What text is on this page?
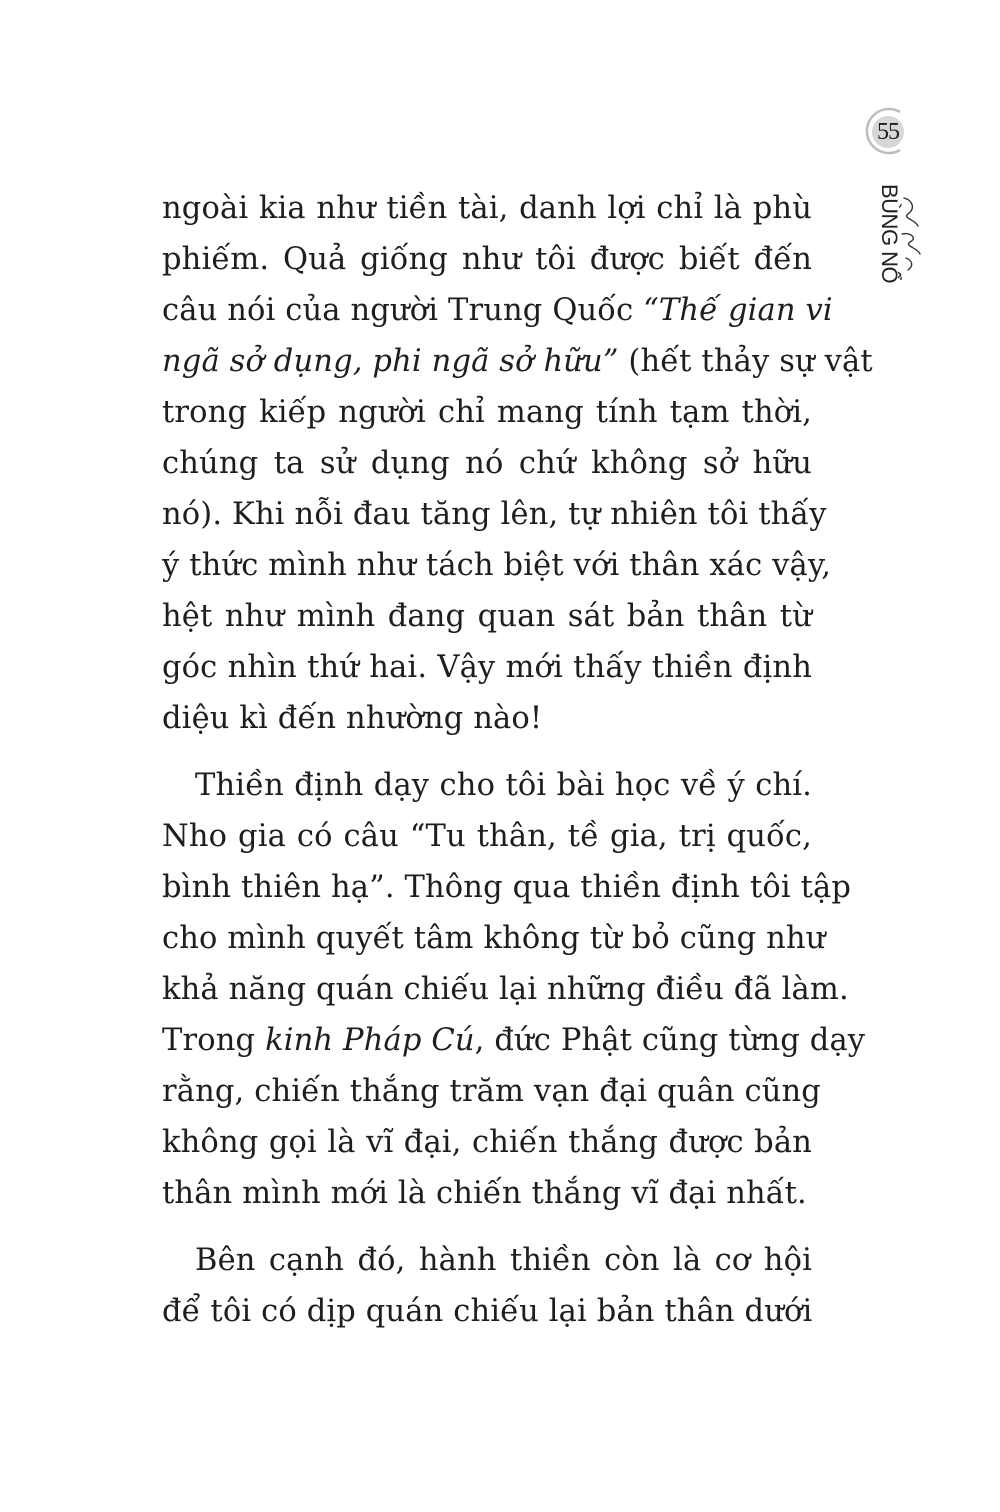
55
BÙNG NỔ
ngoài kia như tiền tài, danh lợi chỉ là phù
phiếm. Quả giống như tôi được biết đến
câu nói của người Trung Quốc “Thế gian vi
ngã sở dụng, phi ngã sở hữu” (hết thảy sự vật
trong kiếp người chỉ mang tính tạm thời,
chúng ta sử dụng nó chứ không sở hữu
nó). Khi nỗi đau tăng lên, tự nhiên tôi thấy
ý thức mình như tách biệt với thân xác vậy,
hệt như mình đang quan sát bản thân từ
góc nhìn thứ hai. Vậy mới thấy thiền định
diệu kì đến nhường nào!
Thiền định dạy cho tôi bài học về ý chí.
Nho gia có câu “Tu thân, tề gia, trị quốc,
bình thiên hạ”. Thông qua thiền định tôi tập
cho mình quyết tâm không từ bỏ cũng như
khả năng quán chiếu lại những điều đã làm.
Trong kinh Pháp Cú, đức Phật cũng từng dạy
rằng, chiến thắng trăm vạn đại quân cũng
không gọi là vĩ đại, chiến thắng được bản
thân mình mới là chiến thắng vĩ đại nhất.
Bên cạnh đó, hành thiền còn là cơ hội
để tôi có dịp quán chiếu lại bản thân dưới
